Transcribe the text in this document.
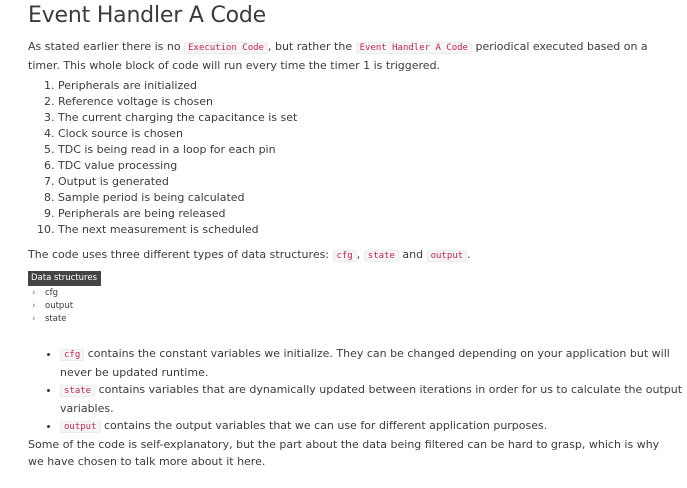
Event Handler A Code

As stated earlier there is no Execution Code , but rather the Event Handler A Code periodical executed based on a timer. This whole block of code will run every time the timer 1 is triggered.

1. Peripherals are initialized
2. Reference voltage is chosen
3. The current charging the capacitance is set
4. Clock source is chosen
5. TDC is being read in a loop for each pin
6. TDC value processing
7. Output is generated
8. Sample period is being calculated
9. Peripherals are being released
10. The next measurement is scheduled

The code uses three different types of data structures: cfg , state and output .

Data structures
›	cfg
›	output
›	state
• cfg contains the constant variables we initialize. They can be changed depending on your application but will never be updated runtime.
• state contains variables that are dynamically updated between iterations in order for us to calculate the output variables.
• output contains the output variables that we can use for different application purposes.

Some of the code is self-explanatory, but the part about the data being filtered can be hard to grasp, which is why we have chosen to talk more about it here.
